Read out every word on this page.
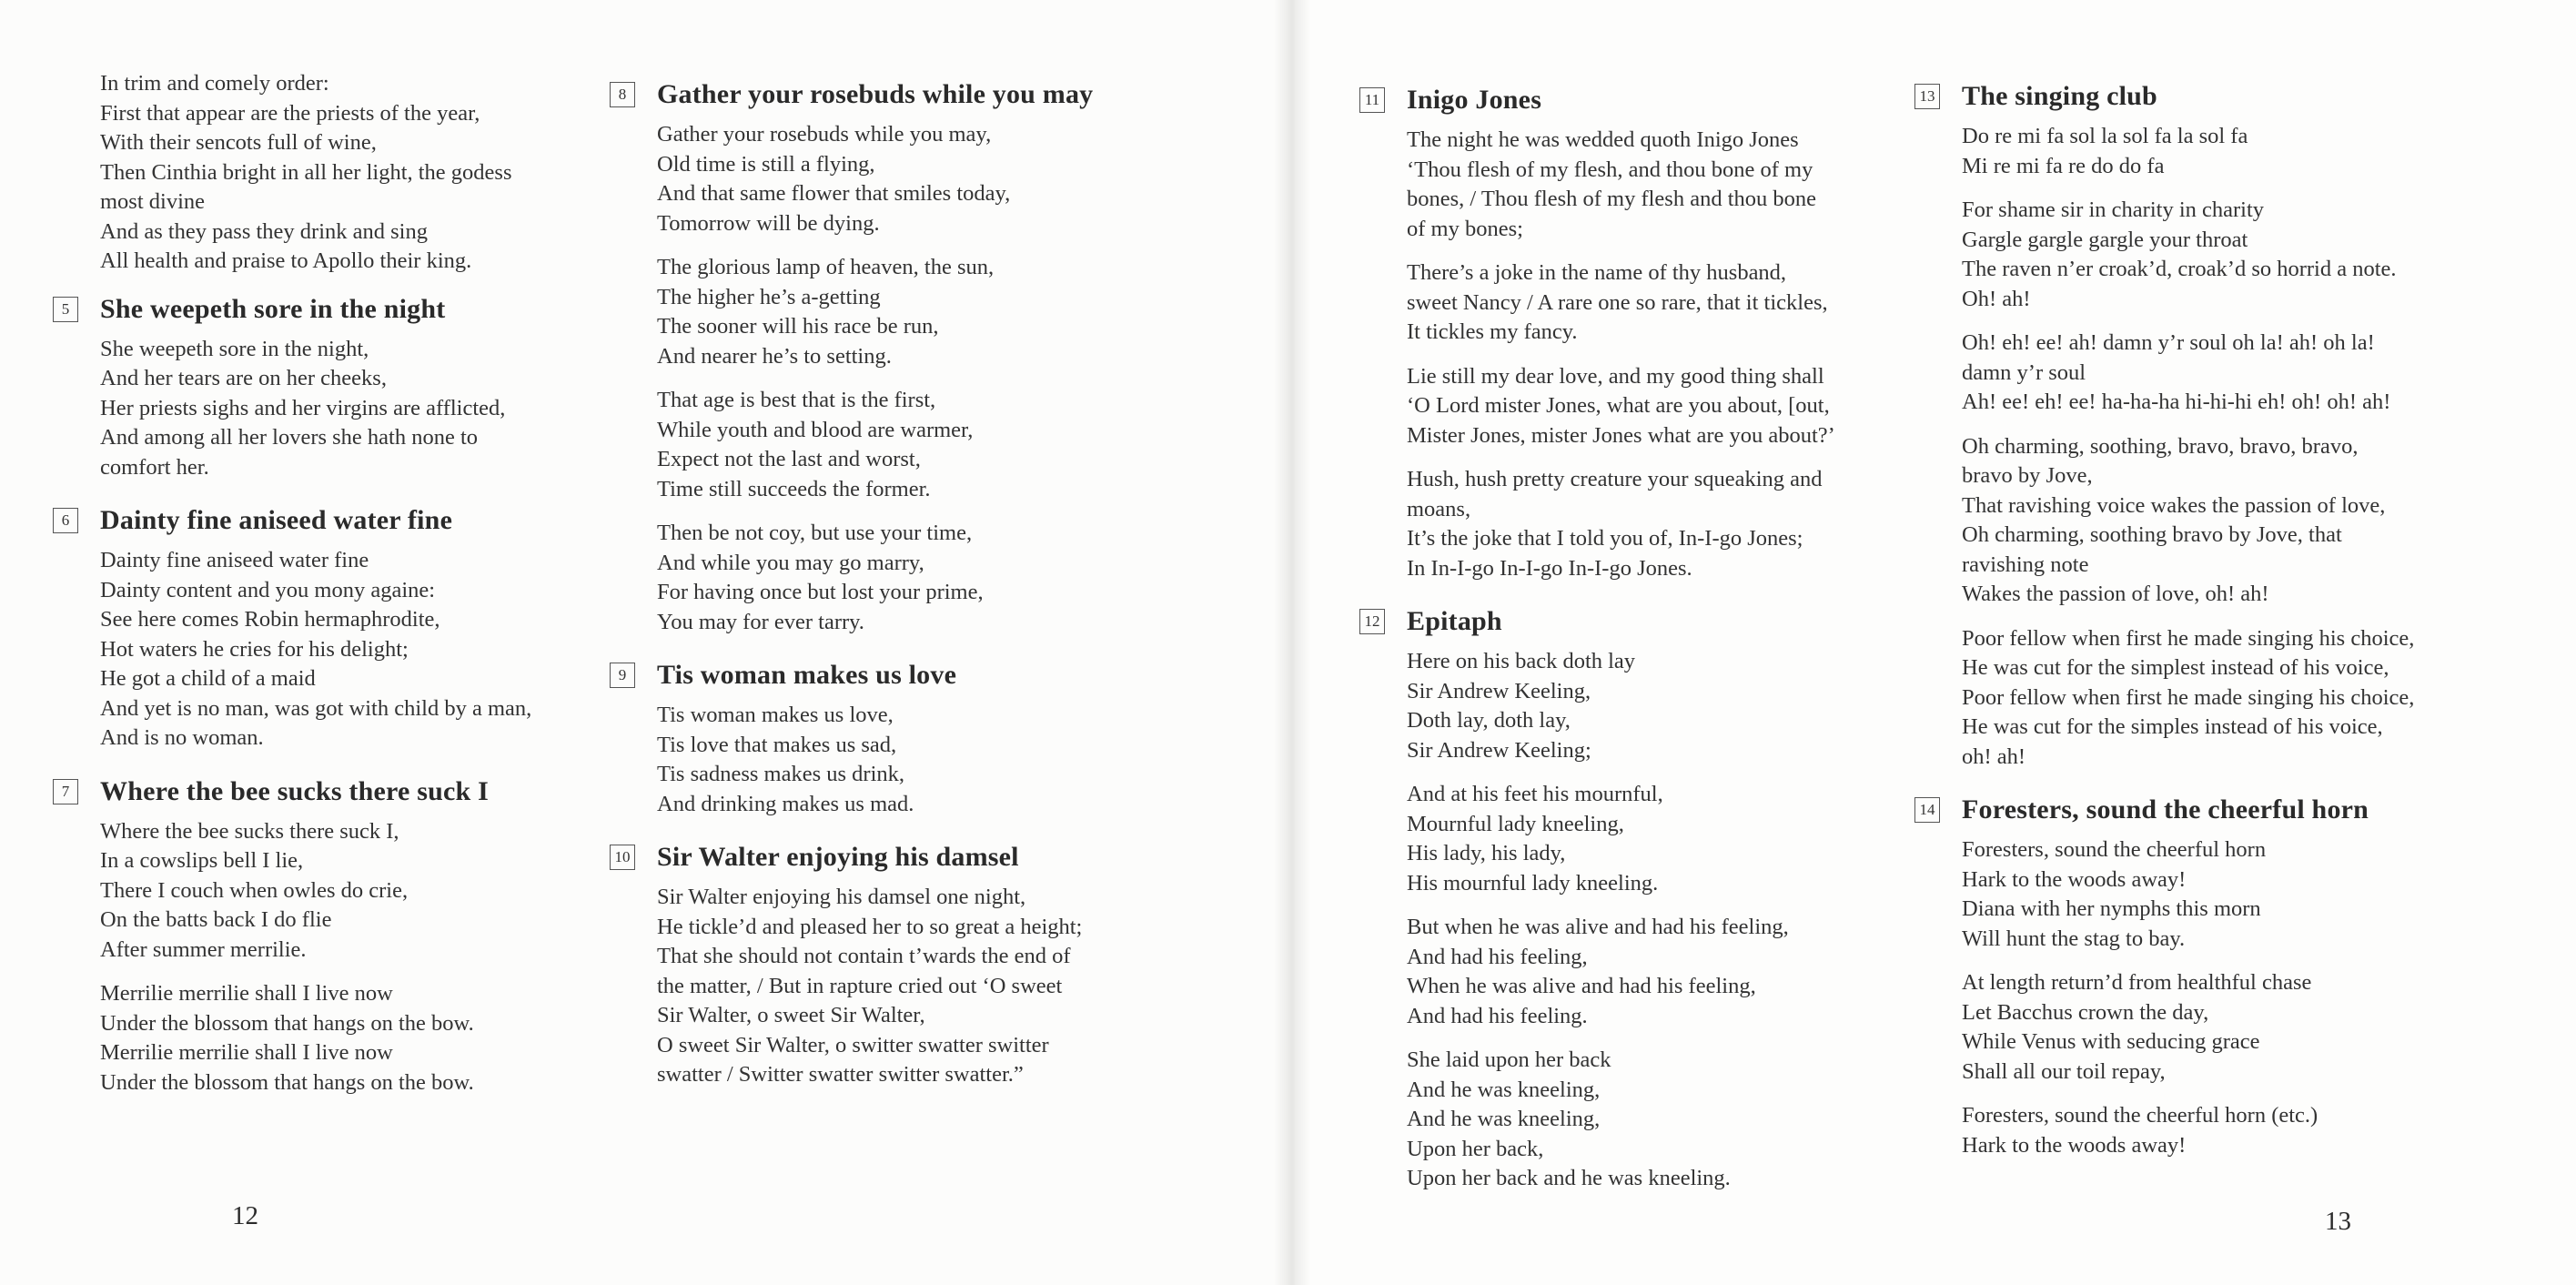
In trim and comely order:
First that appear are the priests of the year,
With their sencots full of wine,
Then Cinthia bright in all her light, the godess
most divine
And as they pass they drink and sing
All health and praise to Apollo their king.
5	She weepeth sore in the night
She weepeth sore in the night,
And her tears are on her cheeks,
Her priests sighs and her virgins are afflicted,
And among all her lovers she hath none to
comfort her.
6	Dainty fine aniseed water fine
Dainty fine aniseed water fine
Dainty content and you mony againe:
See here comes Robin hermaphrodite,
Hot waters he cries for his delight;
He got a child of a maid
And yet is no man, was got with child by a man,
And is no woman.
7	Where the bee sucks there suck I
Where the bee sucks there suck I,
In a cowslips bell I lie,
There I couch when owles do crie,
On the batts back I do flie
After summer merrilie.
Merrilie merrilie shall I live now
Under the blossom that hangs on the bow.
Merrilie merrilie shall I live now
Under the blossom that hangs on the bow.
8	Gather your rosebuds while you may
Gather your rosebuds while you may,
Old time is still a flying,
And that same flower that smiles today,
Tomorrow will be dying.
The glorious lamp of heaven, the sun,
The higher he’s a-getting
The sooner will his race be run,
And nearer he’s to setting.
That age is best that is the first,
While youth and blood are warmer,
Expect not the last and worst,
Time still succeeds the former.
Then be not coy, but use your time,
And while you may go marry,
For having once but lost your prime,
You may for ever tarry.
9	Tis woman makes us love
Tis woman makes us love,
Tis love that makes us sad,
Tis sadness makes us drink,
And drinking makes us mad.
10 Sir Walter enjoying his damsel
Sir Walter enjoying his damsel one night,
He tickle’d and pleased her to so great a height;
That she should not contain t’wards the end of
the matter, / But in rapture cried out ‘O sweet
Sir Walter, o sweet Sir Walter,
O sweet Sir Walter, o switter swatter switter
swatter / Switter swatter switter swatter.”
12	13
11 Inigo Jones
The night he was wedded quoth Inigo Jones
‘Thou flesh of my flesh, and thou bone of my
bones, / Thou flesh of my flesh and thou bone
of my bones;
There’s a joke in the name of thy husband,
sweet Nancy / A rare one so rare, that it tickles,
It tickles my fancy.
Lie still my dear love, and my good thing shall
‘O Lord mister Jones, what are you about, [out,
Mister Jones, mister Jones what are you about?’
Hush, hush pretty creature your squeaking and
moans,
It’s the joke that I told you of, In-I-go Jones;
In In-I-go In-I-go In-I-go Jones.
12 Epitaph
Here on his back doth lay
Sir Andrew Keeling,
Doth lay, doth lay,
Sir Andrew Keeling;
And at his feet his mournful,
Mournful lady kneeling,
His lady, his lady,
His mournful lady kneeling.
But when he was alive and had his feeling,
And had his feeling,
When he was alive and had his feeling,
And had his feeling.
She laid upon her back
And he was kneeling,
And he was kneeling,
Upon her back,
Upon her back and he was kneeling.
13 The singing club
Do re mi fa sol la sol fa la sol fa
Mi re mi fa re do do fa
For shame sir in charity in charity
Gargle gargle gargle your throat
The raven n’er croak’d, croak’d so horrid a note.
Oh! ah!
Oh! eh! ee! ah! damn y’r soul oh la! ah! oh la!
damn y’r soul
Ah! ee! eh! ee! ha-ha-ha hi-hi-hi eh! oh! oh! ah!
Oh charming, soothing, bravo, bravo, bravo,
bravo by Jove,
That ravishing voice wakes the passion of love,
Oh charming, soothing bravo by Jove, that
ravishing note
Wakes the passion of love, oh! ah!
Poor fellow when first he made singing his choice,
He was cut for the simplest instead of his voice,
Poor fellow when first he made singing his choice,
He was cut for the simples instead of his voice,
oh! ah!
14 Foresters, sound the cheerful horn
Foresters, sound the cheerful horn
Hark to the woods away!
Diana with her nymphs this morn
Will hunt the stag to bay.
At length return’d from healthful chase
Let Bacchus crown the day,
While Venus with seducing grace
Shall all our toil repay,
Foresters, sound the cheerful horn (etc.)
Hark to the woods away!
